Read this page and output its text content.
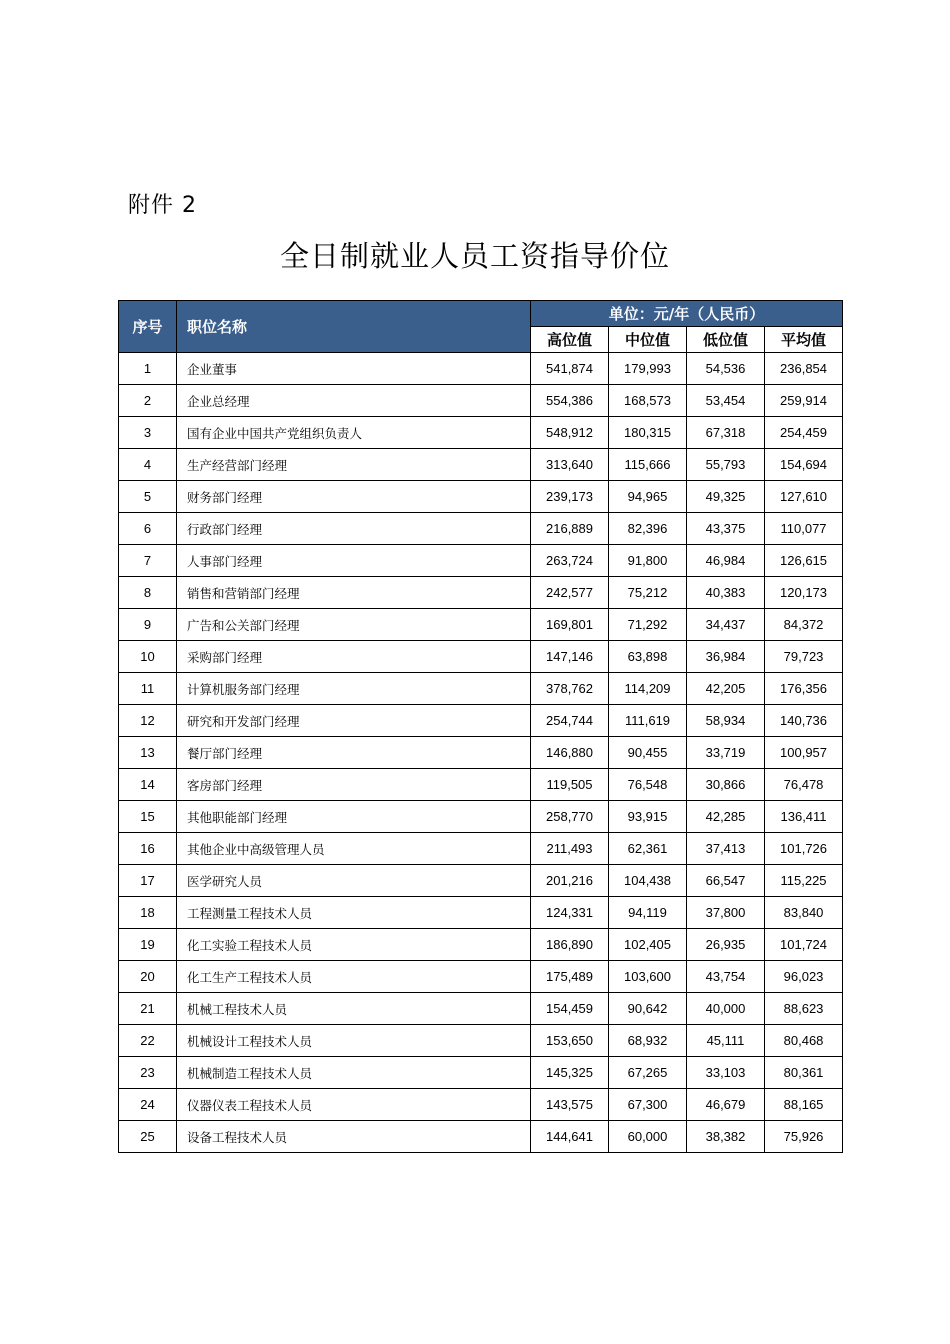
附件 2
全日制就业人员工资指导价位
序号	职位名称	单位：元/年（人民币）			
		高位值	中位值	低位值	平均值
1	企业董事	541,874	179,993	54,536	236,854
2	企业总经理	554,386	168,573	53,454	259,914
3	国有企业中国共产党组织负责人	548,912	180,315	67,318	254,459
4	生产经营部门经理	313,640	115,666	55,793	154,694
5	财务部门经理	239,173	94,965	49,325	127,610
6	行政部门经理	216,889	82,396	43,375	110,077
7	人事部门经理	263,724	91,800	46,984	126,615
8	销售和营销部门经理	242,577	75,212	40,383	120,173
9	广告和公关部门经理	169,801	71,292	34,437	84,372
10	采购部门经理	147,146	63,898	36,984	79,723
11	计算机服务部门经理	378,762	114,209	42,205	176,356
12	研究和开发部门经理	254,744	111,619	58,934	140,736
13	餐厅部门经理	146,880	90,455	33,719	100,957
14	客房部门经理	119,505	76,548	30,866	76,478
15	其他职能部门经理	258,770	93,915	42,285	136,411
16	其他企业中高级管理人员	211,493	62,361	37,413	101,726
17	医学研究人员	201,216	104,438	66,547	115,225
18	工程测量工程技术人员	124,331	94,119	37,800	83,840
19	化工实验工程技术人员	186,890	102,405	26,935	101,724
20	化工生产工程技术人员	175,489	103,600	43,754	96,023
21	机械工程技术人员	154,459	90,642	40,000	88,623
22	机械设计工程技术人员	153,650	68,932	45,111	80,468
23	机械制造工程技术人员	145,325	67,265	33,103	80,361
24	仪器仪表工程技术人员	143,575	67,300	46,679	88,165
25	设备工程技术人员	144,641	60,000	38,382	75,926
